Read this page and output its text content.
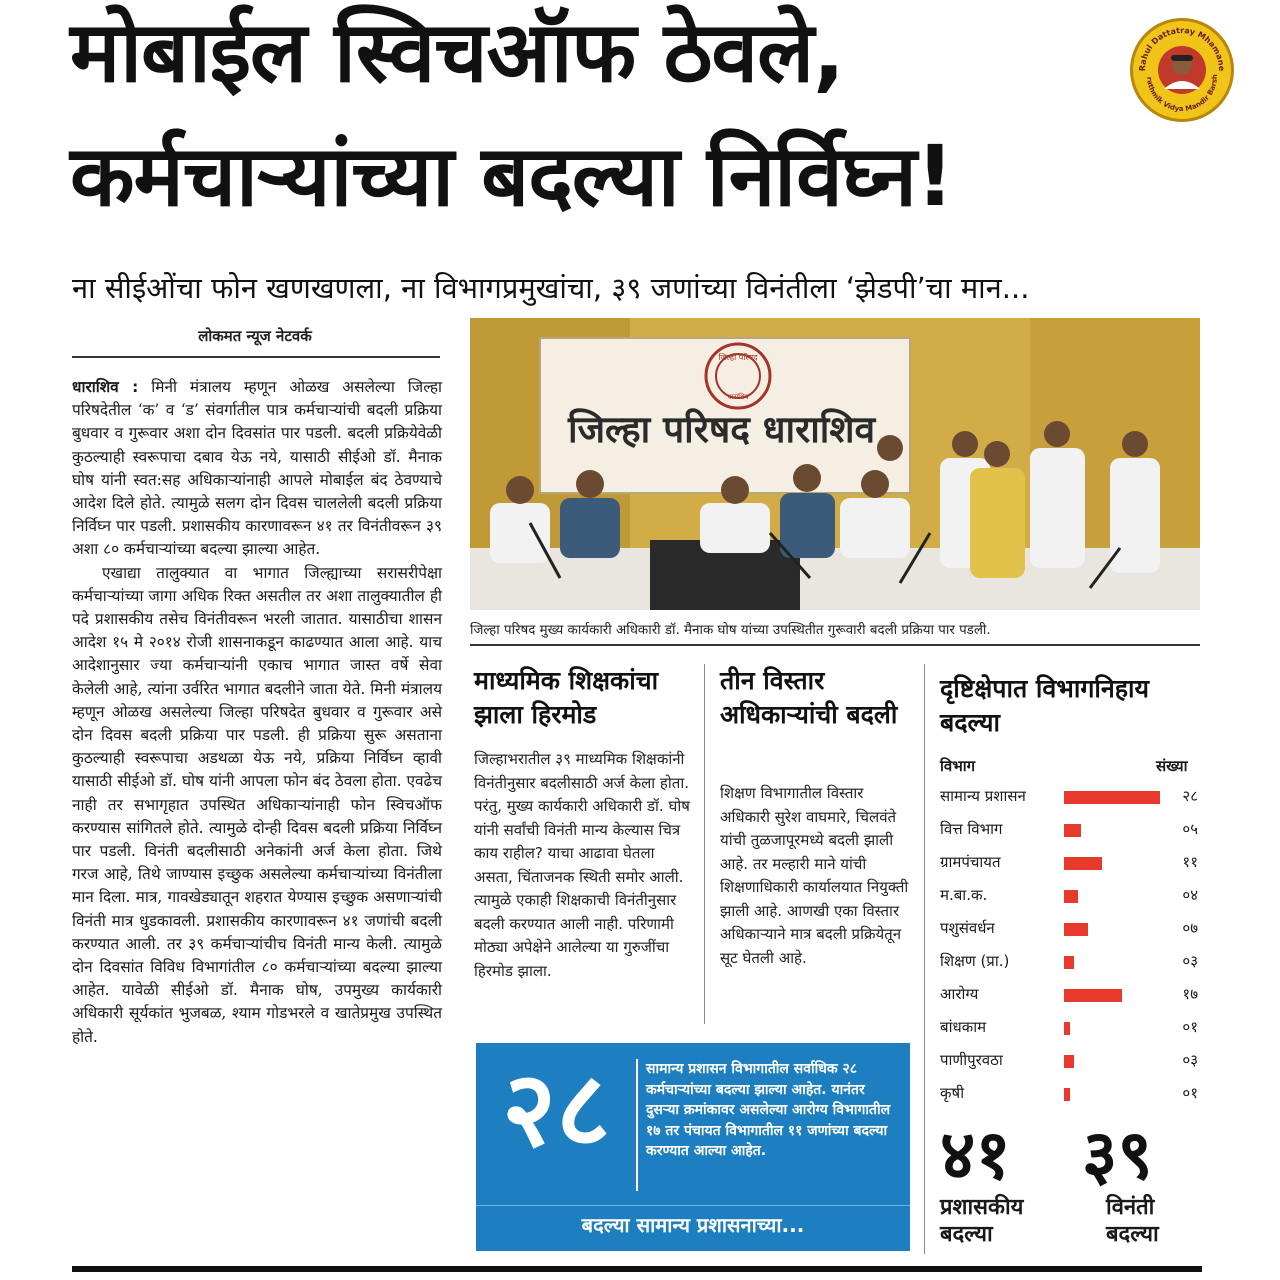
मोबाईल स्विचऑफ ठेवले,
कर्मचाऱ्यांच्या बदल्या निर्विघ्न!
Rahul Dattatray Mhamane
rathmik Vidya Mandir Barsh
ना सीईओंचा फोन खणखणला, ना विभागप्रमुखांचा, ३९ जणांच्या विनंतीला ‘झेडपी’चा मान...
लोकमत न्यूज नेटवर्क

धाराशिव : मिनी मंत्रालय म्हणून ओळख असलेल्या जिल्हा परिषदेतील ‘क’ व ‘ड’ संवर्गातील पात्र कर्मचाऱ्यांची बदली प्रक्रिया बुधवार व गुरूवार अशा दोन दिवसांत पार पडली. बदली प्रक्रियेवेळी कुठल्याही स्वरूपाचा दबाव येऊ नये, यासाठी सीईओ डॉ. मैनाक घोष यांनी स्वत:सह अधिकाऱ्यांनाही आपले मोबाईल बंद ठेवण्याचे आदेश दिले होते. त्यामुळे सलग दोन दिवस चाललेली बदली प्रक्रिया निर्विघ्न पार पडली. प्रशासकीय कारणावरून ४१ तर विनंतीवरून ३९ अशा ८० कर्मचाऱ्यांच्या बदल्या झाल्या आहेत.

एखाद्या तालुक्यात वा भागात जिल्ह्याच्या सरासरीपेक्षा कर्मचाऱ्यांच्या जागा अधिक रिक्त असतील तर अशा तालुक्यातील ही पदे प्रशासकीय तसेच विनंतीवरून भरली जातात. यासाठीचा शासन आदेश १५ मे २०१४ रोजी शासनाकडून काढण्यात आला आहे. याच आदेशानुसार ज्या कर्मचाऱ्यांनी एकाच भागात जास्त वर्षे सेवा केलेली आहे, त्यांना उर्वरित भागात बदलीने जाता येते. मिनी मंत्रालय म्हणून ओळख असलेल्या जिल्हा परिषदेत बुधवार व गुरूवार असे दोन दिवस बदली प्रक्रिया पार पडली. ही प्रक्रिया सुरू असताना कुठल्याही स्वरूपाचा अडथळा येऊ नये, प्रक्रिया निर्विघ्न व्हावी यासाठी सीईओ डॉ. घोष यांनी आपला फोन बंद ठेवला होता. एवढेच नाही तर सभागृहात उपस्थित अधिकाऱ्यांनाही फोन स्विचऑफ करण्यास सांगितले होते. त्यामुळे दोन्ही दिवस बदली प्रक्रिया निर्विघ्न पार पडली. विनंती बदलीसाठी अनेकांनी अर्ज केला होता. जिथे गरज आहे, तिथे जाण्यास इच्छुक असलेल्या कर्मचाऱ्यांच्या विनंतीला मान दिला. मात्र, गावखेड्यातून शहरात येण्यास इच्छुक असणाऱ्यांची विनंती मात्र धुडकावली. प्रशासकीय कारणावरून ४१ जणांची बदली करण्यात आली. तर ३९ कर्मचाऱ्यांचीच विनंती मान्य केली. त्यामुळे दोन दिवसांत विविध विभागांतील ८० कर्मचाऱ्यांच्या बदल्या झाल्या आहेत. यावेळी सीईओ डॉ. मैनाक घोष, उपमुख्य कार्यकारी अधिकारी सूर्यकांत भुजबळ, श्याम गोडभरले व खातेप्रमुख उपस्थित होते.

जिल्हा परिषद
धाराशिव
जिल्हा परिषद धाराशिव
जिल्हा परिषद मुख्य कार्यकारी अधिकारी डॉ. मैनाक घोष यांच्या उपस्थितीत गुरूवारी बदली प्रक्रिया पार पडली.
माध्यमिक शिक्षकांचा झाला हिरमोड
जिल्हाभरातील ३९ माध्यमिक शिक्षकांनी विनंतीनुसार बदलीसाठी अर्ज केला होता. परंतु, मुख्य कार्यकारी अधिकारी डॉ. घोष यांनी सर्वांची विनंती मान्य केल्यास चित्र काय राहील? याचा आढावा घेतला असता, चिंताजनक स्थिती समोर आली. त्यामुळे एकाही शिक्षकाची विनंतीनुसार बदली करण्यात आली नाही. परिणामी मोठ्या अपेक्षेने आलेल्या या गुरुजींचा हिरमोड झाला.
तीन विस्तार अधिकाऱ्यांची बदली
शिक्षण विभागातील विस्तार अधिकारी सुरेश वाघमारे, चिलवंते यांची तुळजापूरमध्ये बदली झाली आहे. तर मल्हारी माने यांची शिक्षणाधिकारी कार्यालयात नियुक्ती झाली आहे. आणखी एका विस्तार अधिकाऱ्याने मात्र बदली प्रक्रियेतून सूट घेतली आहे.
दृष्टिक्षेपात विभागनिहाय बदल्या
विभाग	संख्या
सामान्य प्रशासन	२८
वित्त विभाग	०५
ग्रामपंचायत	११
म.बा.क.	०४
पशुसंवर्धन	०७
शिक्षण (प्रा.)	०३
आरोग्य	१७
बांधकाम	०१
पाणीपुरवठा	०३
कृषी	०१
२८	सामान्य प्रशासन विभागातील सर्वाधिक २८ कर्मचाऱ्यांच्या बदल्या झाल्या आहेत. यानंतर दुसऱ्या क्रमांकावर असलेल्या आरोग्य विभागातील १७ तर पंचायत विभागातील ११ जणांच्या बदल्या करण्यात आल्या आहेत.
बदल्या सामान्य प्रशासनाच्या...
४१
प्रशासकीय
बदल्या
३९
विनंती
बदल्या
